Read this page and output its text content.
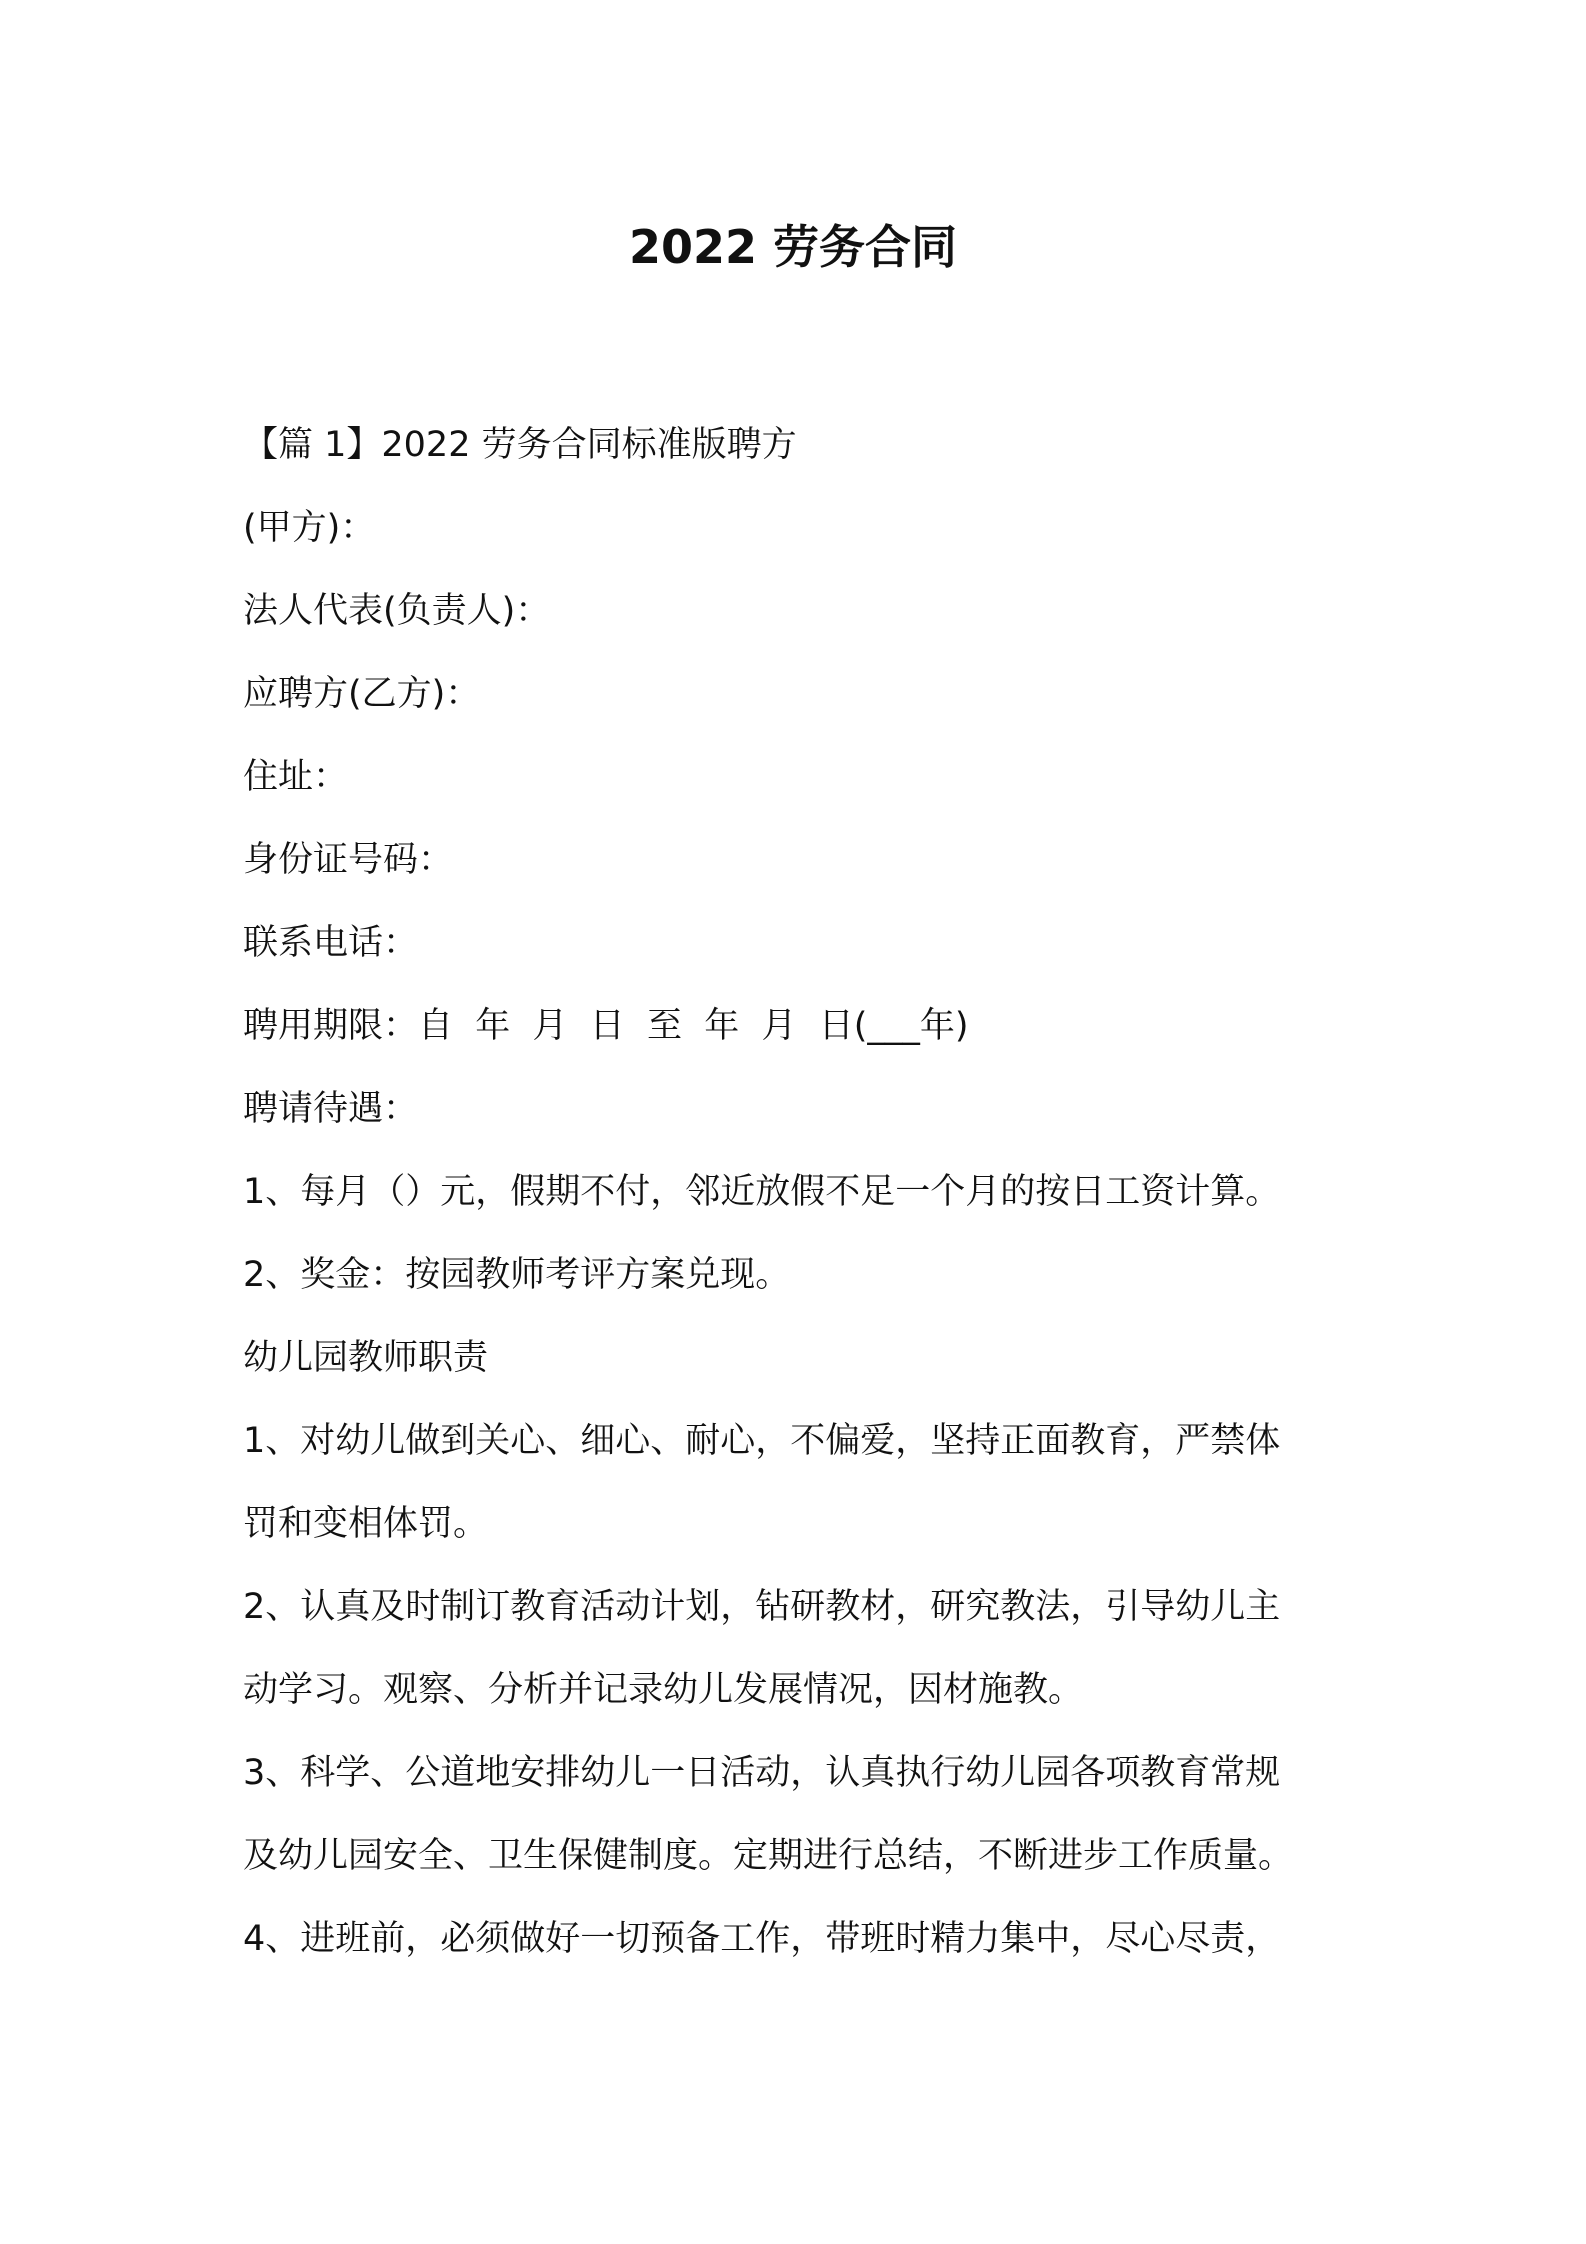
2022 劳务合同

【篇 1】2022 劳务合同标准版聘方

(甲方)：

法人代表(负责人)：

应聘方(乙方)：

住址：

身份证号码：

联系电话：

聘用期限：自  年  月  日  至  年  月  日(___年)

聘请待遇：

1、每月（）元，假期不付，邻近放假不足一个月的按日工资计算。

2、奖金：按园教师考评方案兑现。

幼儿园教师职责

1、对幼儿做到关心、细心、耐心，不偏爱，坚持正面教育，严禁体

罚和变相体罚。

2、认真及时制订教育活动计划，钻研教材，研究教法，引导幼儿主

动学习。观察、分析并记录幼儿发展情况，因材施教。

3、科学、公道地安排幼儿一日活动，认真执行幼儿园各项教育常规

及幼儿园安全、卫生保健制度。定期进行总结，不断进步工作质量。

4、进班前，必须做好一切预备工作，带班时精力集中，尽心尽责，
